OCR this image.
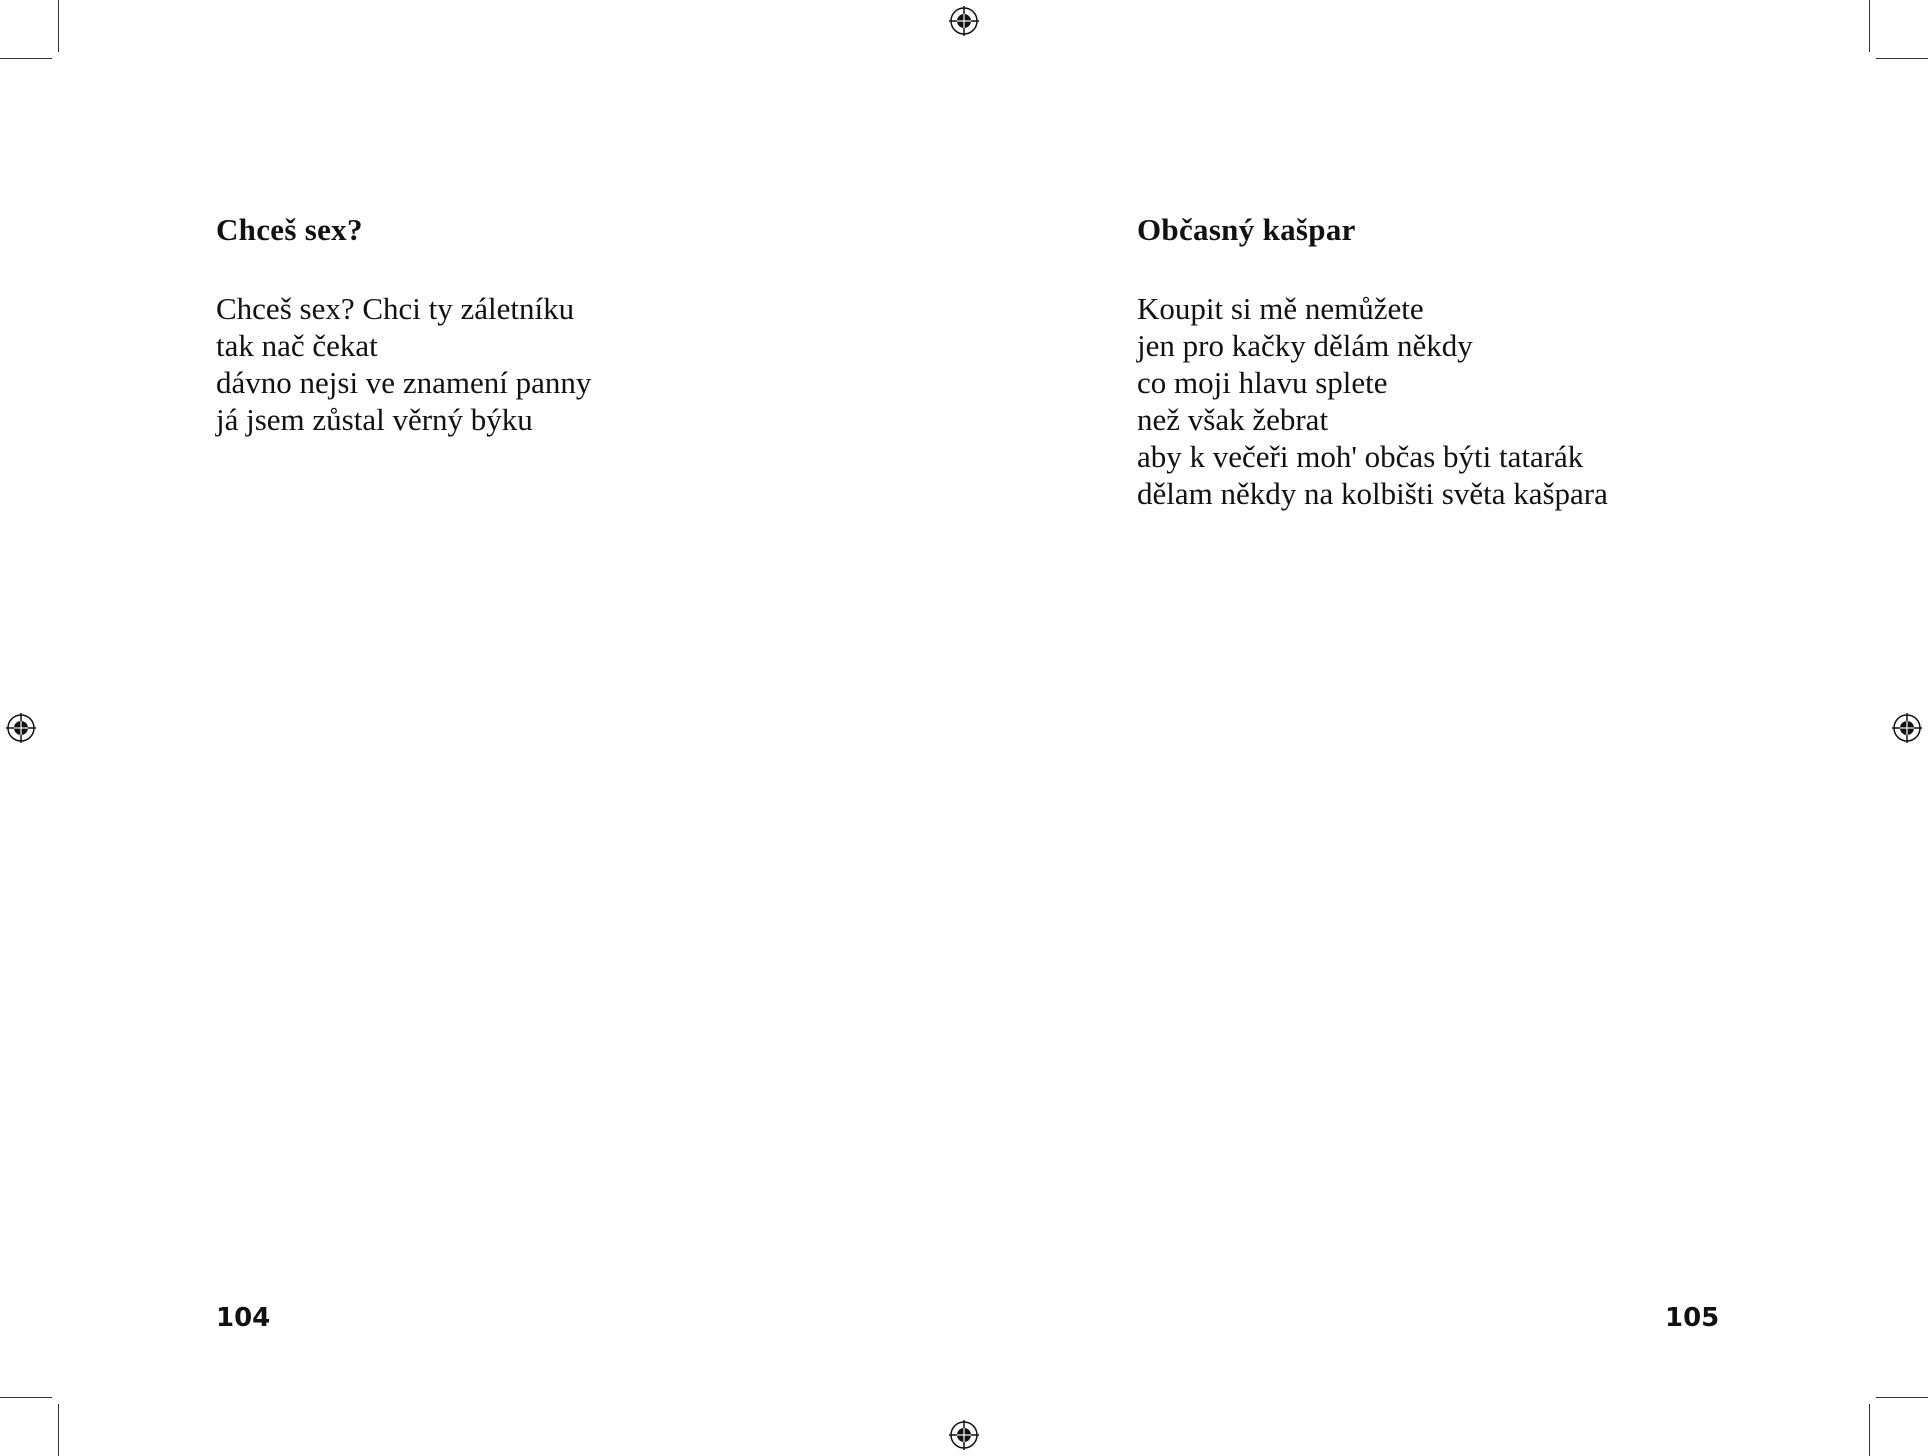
Chceš sex?
Chceš sex? Chci ty záletníku
tak nač čekat
dávno nejsi ve znamení panny
já jsem zůstal věrný býku
104
Občasný kašpar
Koupit si mě nemůžete
jen pro kačky dělám někdy
co moji hlavu splete
než však žebrat
aby k večeři moh' občas býti tatarák
dělam někdy na kolbišti světa kašpara
105
